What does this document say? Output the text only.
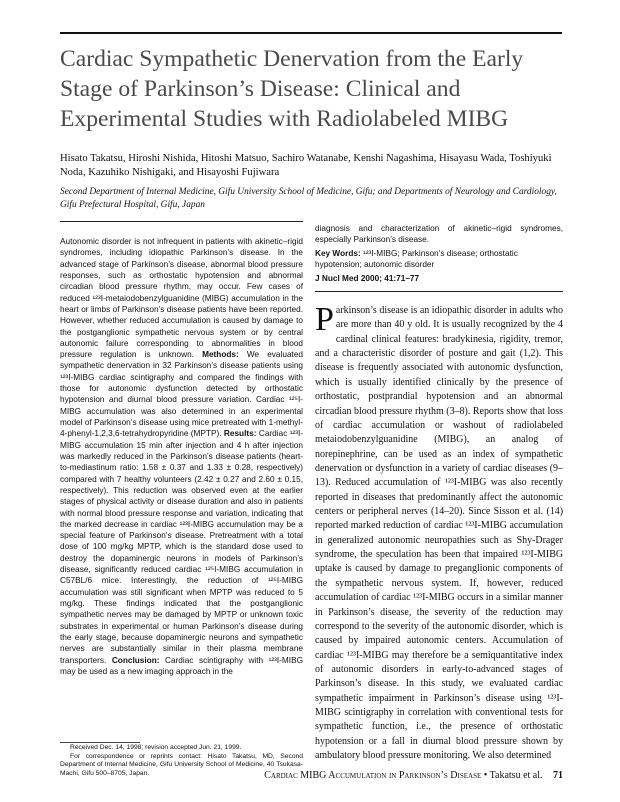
Cardiac Sympathetic Denervation from the Early Stage of Parkinson’s Disease: Clinical and Experimental Studies with Radiolabeled MIBG

Hisato Takatsu, Hiroshi Nishida, Hitoshi Matsuo, Sachiro Watanabe, Kenshi Nagashima, Hisayasu Wada, Toshiyuki Noda, Kazuhiko Nishigaki, and Hisayoshi Fujiwara

Second Department of Internal Medicine, Gifu University School of Medicine, Gifu; and Departments of Neurology and Cardiology, Gifu Prefectural Hospital, Gifu, Japan

Autonomic disorder is not infrequent in patients with akinetic–rigid syndromes, including idiopathic Parkinson’s disease. In the advanced stage of Parkinson’s disease, abnormal blood pressure responses, such as orthostatic hypotension and abnormal circadian blood pressure rhythm, may occur. Few cases of reduced ¹²³I-metaiodobenzylguanidine (MIBG) accumulation in the heart or limbs of Parkinson’s disease patients have been reported. However, whether reduced accumulation is caused by damage to the postganglionic sympathetic nervous system or by central autonomic failure corresponding to abnormalities in blood pressure regulation is unknown. Methods: We evaluated sympathetic denervation in 32 Parkinson’s disease patients using ¹²³I-MIBG cardiac scintigraphy and compared the findings with those for autonomic dysfunction detected by orthostatic hypotension and diurnal blood pressure variation. Cardiac ¹²⁵I-MIBG accumulation was also determined in an experimental model of Parkinson’s disease using mice pretreated with 1-methyl-4-phenyl-1,2,3,6-tetrahydropyridine (MPTP). Results: Cardiac ¹²³I-MIBG accumulation 15 min after injection and 4 h after injection was markedly reduced in the Parkinson’s disease patients (heart-to-mediastinum ratio: 1.58 ± 0.37 and 1.33 ± 0.28, respectively) compared with 7 healthy volunteers (2.42 ± 0.27 and 2.60 ± 0.15, respectively). This reduction was observed even at the earlier stages of physical activity or disease duration and also in patients with normal blood pressure response and variation, indicating that the marked decrease in cardiac ¹²³I-MIBG accumulation may be a special feature of Parkinson’s disease. Pretreatment with a total dose of 100 mg/kg MPTP, which is the standard dose used to destroy the dopaminergic neurons in models of Parkinson’s disease, significantly reduced cardiac ¹²⁵I-MIBG accumulation in C57BL/6 mice. Interestingly, the reduction of ¹²⁵I-MIBG accumulation was still significant when MPTP was reduced to 5 mg/kg. These findings indicated that the postganglionic sympathetic nerves may be damaged by MPTP or unknown toxic substrates in experimental or human Parkinson’s disease during the early stage, because dopaminergic neurons and sympathetic nerves are substantially similar in their plasma membrane transporters. Conclusion: Cardiac scintigraphy with ¹²³I-MIBG may be used as a new imaging approach in the

diagnosis and characterization of akinetic–rigid syndromes, especially Parkinson’s disease.

Key Words: ¹²³I-MIBG; Parkinson’s disease; orthostatic hypotension; autonomic disorder

J Nucl Med 2000; 41:71–77

P arkinson’s disease is an idiopathic disorder in adults who are more than 40 y old. It is usually recognized by the 4 cardinal clinical features: bradykinesia, rigidity, tremor, and a characteristic disorder of posture and gait (1,2). This disease is frequently associated with autonomic dysfunction, which is usually identified clinically by the presence of orthostatic, postprandial hypotension and an abnormal circadian blood pressure rhythm (3–8). Reports show that loss of cardiac accumulation or washout of radiolabeled metaiodobenzylguanidine (MIBG), an analog of norepinephrine, can be used as an index of sympathetic denervation or dysfunction in a variety of cardiac diseases (9–13). Reduced accumulation of ¹²³I-MIBG was also recently reported in diseases that predominantly affect the autonomic centers or peripheral nerves (14–20). Since Sisson et al. (14) reported marked reduction of cardiac ¹²³I-MIBG accumulation in generalized autonomic neuropathies such as Shy-Drager syndrome, the speculation has been that impaired ¹²³I-MIBG uptake is caused by damage to preganglionic components of the sympathetic nervous system. If, however, reduced accumulation of cardiac ¹²³I-MIBG occurs in a similar manner in Parkinson’s disease, the severity of the reduction may correspond to the severity of the autonomic disorder, which is caused by impaired autonomic centers. Accumulation of cardiac ¹²³I-MIBG may therefore be a semiquantitative index of autonomic disorders in early-to-advanced stages of Parkinson’s disease. In this study, we evaluated cardiac sympathetic impairment in Parkinson’s disease using ¹²³I-MIBG scintigraphy in correlation with conventional tests for sympathetic function, i.e., the presence of orthostatic hypotension or a fall in diurnal blood pressure shown by ambulatory blood pressure monitoring. We also determined

Received Dec. 14, 1998; revision accepted Jun. 21, 1999.

For correspondence or reprints contact: Hisato Takatsu, MD, Second Department of Internal Medicine, Gifu University School of Medicine, 40 Tsukasa-Machi, Gifu 500–8705, Japan.	Cardiac MIBG Accumulation in Parkinson’s Disease • Takatsu et al. 71
